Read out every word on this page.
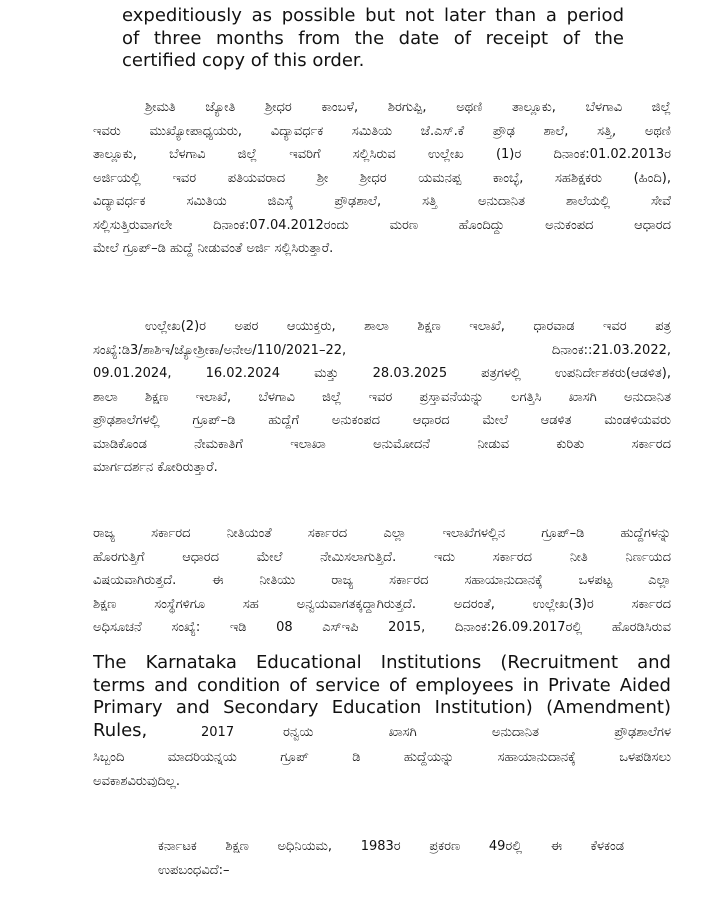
expeditiously as possible but not later than a period
of three months from the date of receipt of the
certified copy of this order.
ಶ್ರೀಮತಿ ಜ್ಯೋತಿ ಶ್ರೀಧರ ಕಾಂಬಳೆ, ಶಿರಗುಪ್ಪಿ, ಅಥಣಿ ತಾಲ್ಲೂಕು, ಬೆಳಗಾವಿ ಜಿಲ್ಲೆ
ಇವರು ಮುಖ್ಯೋಪಾಧ್ಯಯರು, ವಿದ್ಯಾವರ್ಧಕ ಸಮಿತಿಯ ಜೆ.ಎಸ್.ಕೆ ಪ್ರೌಢ ಶಾಲೆ, ಸತ್ತಿ, ಅಥಣಿ
ತಾಲ್ಲೂಕು, ಬೆಳಗಾವಿ ಜಿಲ್ಲೆ ಇವರಿಗೆ ಸಲ್ಲಿಸಿರುವ ಉಲ್ಲೇಖ (1)ರ ದಿನಾಂಕ:01.02.2013ರ
ಅರ್ಜಿಯಲ್ಲಿ ಇವರ ಪತಿಯವರಾದ ಶ್ರೀ ಶ್ರೀಧರ ಯಮನಪ್ಪ ಕಾಂಬ್ಳೆ, ಸಹಶಿಕ್ಷಕರು (ಹಿಂದಿ),
ವಿದ್ಯಾವರ್ಧಕ ಸಮಿತಿಯ ಜಿಎಸ್ಕೆ ಪ್ರೌಢಶಾಲೆ, ಸತ್ತಿ ಅನುದಾನಿತ ಶಾಲೆಯಲ್ಲಿ ಸೇವೆ
ಸಲ್ಲಿಸುತ್ತಿರುವಾಗಲೇ ದಿನಾಂಕ:07.04.2012ರಂದು ಮರಣ ಹೊಂದಿದ್ದು ಅನುಕಂಪದ ಆಧಾರದ
ಮೇಲೆ ಗ್ರೂಪ್–ಡಿ ಹುದ್ದೆ ನೀಡುವಂತೆ ಅರ್ಜಿ ಸಲ್ಲಿಸಿರುತ್ತಾರೆ.
ಉಲ್ಲೇಖ(2)ರ ಅಪರ ಆಯುಕ್ತರು, ಶಾಲಾ ಶಿಕ್ಷಣ ಇಲಾಖೆ, ಧಾರವಾಡ ಇವರ ಪತ್ರ
ಸಂಖ್ಯೆ:ಡಿ3/ಶಾಶಿಇ/ಜ್ಯೋಶ್ರೀಕಾ/ಅನೇಅ/110/2021–22, ದಿನಾಂಕ::21.03.2022,
09.01.2024, 16.02.2024 ಮತ್ತು 28.03.2025 ಪತ್ರಗಳಲ್ಲಿ ಉಪನಿರ್ದೇಶಕರು(ಆಡಳಿತ),
ಶಾಲಾ ಶಿಕ್ಷಣ ಇಲಾಖೆ, ಬೆಳಗಾವಿ ಜಿಲ್ಲೆ ಇವರ ಪ್ರಸ್ತಾವನೆಯನ್ನು ಲಗತ್ತಿಸಿ ಖಾಸಗಿ ಅನುದಾನಿತ
ಪ್ರೌಢಶಾಲೆಗಳಲ್ಲಿ ಗ್ರೂಪ್–ಡಿ ಹುದ್ದೆಗೆ ಅನುಕಂಪದ ಆಧಾರದ ಮೇಲೆ ಆಡಳಿತ ಮಂಡಳಿಯವರು
ಮಾಡಿಕೊಂಡ ನೇಮಕಾತಿಗೆ ಇಲಾಖಾ ಅನುಮೋದನೆ ನೀಡುವ ಕುರಿತು ಸರ್ಕಾರದ
ಮಾರ್ಗದರ್ಶನ ಕೋರಿರುತ್ತಾರೆ.
ರಾಜ್ಯ ಸರ್ಕಾರದ ನೀತಿಯಂತೆ ಸರ್ಕಾರದ ಎಲ್ಲಾ ಇಲಾಖೆಗಳಲ್ಲಿನ ಗ್ರೂಪ್–ಡಿ ಹುದ್ದೆಗಳನ್ನು
ಹೊರಗುತ್ತಿಗೆ ಆಧಾರದ ಮೇಲೆ ನೇಮಿಸಲಾಗುತ್ತಿದೆ. ಇದು ಸರ್ಕಾರದ ನೀತಿ ನಿರ್ಣಯದ
ವಿಷಯವಾಗಿರುತ್ತದೆ. ಈ ನೀತಿಯು ರಾಜ್ಯ ಸರ್ಕಾರದ ಸಹಾಯಾನುದಾನಕ್ಕೆ ಒಳಪಟ್ಟ ಎಲ್ಲಾ
ಶಿಕ್ಷಣ ಸಂಸ್ಥೆಗಳಿಗೂ ಸಹ ಅನ್ವಯವಾಗತಕ್ಕದ್ದಾಗಿರುತ್ತದೆ. ಅದರಂತೆ, ಉಲ್ಲೇಖ(3)ರ ಸರ್ಕಾರದ
ಅಧಿಸೂಚನೆ ಸಂಖ್ಯೆ: ಇಡಿ 08 ಎಸ್ಇಪಿ 2015, ದಿನಾಂಕ:26.09.2017ರಲ್ಲಿ ಹೊರಡಿಸಿರುವ
The Karnataka Educational Institutions (Recruitment and
terms and condition of service of employees in Private Aided
Primary and Secondary Education Institution) (Amendment)
Rules,	2017	ರನ್ವಯ ಖಾಸಗಿ ಅನುದಾನಿತ ಪ್ರೌಢಶಾಲೆಗಳ
ಸಿಬ್ಬಂದಿ ಮಾದರಿಯನ್ನಯ ಗ್ರೂಪ್ ಡಿ ಹುದ್ದೆಯನ್ನು ಸಹಾಯಾನುದಾನಕ್ಕೆ ಒಳಪಡಿಸಲು
ಅವಕಾಶವಿರುವುದಿಲ್ಲ.
ಕರ್ನಾಟಕ ಶಿಕ್ಷಣ ಅಧಿನಿಯಮ, 1983ರ ಪ್ರಕರಣ 49ರಲ್ಲಿ ಈ ಕೆಳಕಂಡ
ಉಪಬಂಧವಿದೆ:–
